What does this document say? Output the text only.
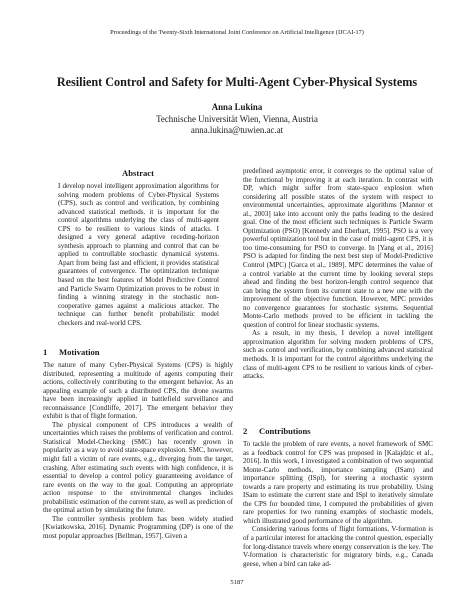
Proceedings of the Twenty-Sixth International Joint Conference on Artificial Intelligence (IJCAI-17)
Resilient Control and Safety for Multi-Agent Cyber-Physical Systems
Anna Lukina
Technische Universität Wien, Vienna, Austria
anna.lukina@tuwien.ac.at
Abstract

I develop novel intelligent approximation algorithms for solving modern problems of Cyber-Physical Systems (CPS), such as control and verification, by combining advanced statistical methods. it is important for the control algorithms underlying the class of multi-agent CPS to be resilient to various kinds of attacks. I designed a very general adaptive receding-horizon synthesis approach to planning and control that can be applied to controllable stochastic dynamical systems. Apart from being fast and efficient, it provides statistical guarantees of convergence. The optimization technique based on the best features of Model Predictive Control and Particle Swarm Optimization proves to be robust in finding a winning strategy in the stochastic non-cooperative games against a malicious attacker. The technique can further benefit probabilistic model checkers and real-world CPS.

1 Motivation

The nature of many Cyber-Physical Systems (CPS) is highly distributed, representing a multitude of agents computing their actions, collectively contributing to the emergent behavior. As an appealing example of such a distributed CPS, the drone swarms have been increasingly applied in battlefield surveillance and reconnaissance [Condliffe, 2017]. The emergent behavior they exhibit is that of flight formation.

The physical component of CPS introduces a wealth of uncertainties which raises the problems of verification and control. Statistical Model-Checking (SMC) has recently grown in popularity as a way to avoid state-space explosion. SMC, however, might fall a victim of rare events, e.g., diverging from the target, crashing. After estimating such events with high confidence, it is essential to develop a control policy guaranteeing avoidance of rare events on the way to the goal. Computing an appropriate action response to the environmental changes includes probabilistic estimation of the current state, as well as prediction of the optimal action by simulating the future.

The controller synthesis problem has been widely studied [Kwiatkowska, 2016]. Dynamic Programming (DP) is one of the most popular approaches [Bellman, 1957]. Given a

predefined asymptotic error, it converges to the optimal value of the functional by improving it at each iteration. In contrast with DP, which might suffer from state-space explosion when considering all possible states of the system with respect to environmental uncertainties, approximate algorithms [Mannor et al., 2003] take into account only the paths leading to the desired goal. One of the most efficient such techniques is Particle Swarm Optimization (PSO) [Kennedy and Eberhart, 1995]. PSO is a very powerful optimization tool but in the case of multi-agent CPS, it is too time-consuming for PSO to converge. In [Yang et al., 2016] PSO is adapted for finding the next best step of Model-Predictive Control (MPC) [Garca et al., 1989]. MPC determines the value of a control variable at the current time by looking several steps ahead and finding the best horizon-length control sequence that can bring the system from its current state to a new one with the improvement of the objective function. However, MPC provides no convergence guarantees for stochastic systems. Sequential Monte-Carlo methods proved to be efficient in tackling the question of control for linear stochastic systems.

As a result, in my thesis, I develop a novel intelligent approximation algorithm for solving modern problems of CPS, such as control and verification, by combining advanced statistical methods. It is important for the control algorithms underlying the class of multi-agent CPS to be resilient to various kinds of cyber-attacks.

2 Contributions

To tackle the problem of rare events, a novel framework of SMC as a feedback control for CPS was proposed in [Kalajdzic et al., 2016]. In this work, I investigated a combination of two sequential Monte-Carlo methods, importance sampling (ISam) and importance splitting (ISpl), for steering a stochastic system towards a rare property and estimating its true probability. Using ISam to estimate the current state and ISpl to iteratively simulate the CPS for bounded time, I computed the probabilities of given rare properties for two running examples of stochastic models, which illustrated good performance of the algorithm.

Considering various forms of flight formations, V-formation is of a particular interest for attacking the control question, especially for long-distance travels where energy conservation is the key. The V-formation is characteristic for migratory birds, e.g., Canada geese, when a bird can take ad-

5187
